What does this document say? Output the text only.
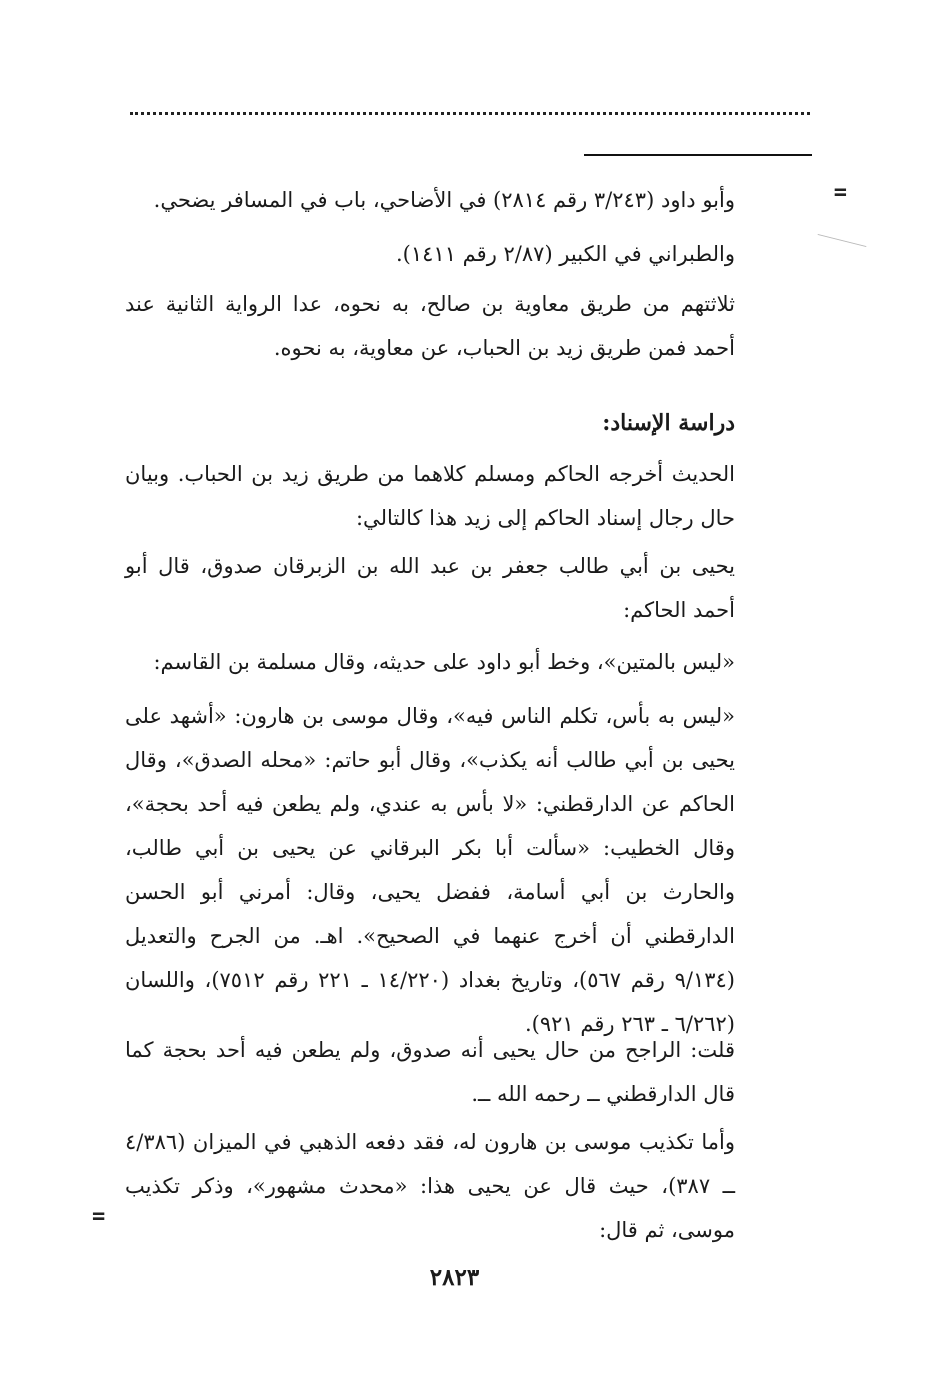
=

وأبو داود (٣/٢٤٣ رقم ٢٨١٤) في الأضاحي، باب في المسافر يضحي.

والطبراني في الكبير (٢/٨٧ رقم ١٤١١).

ثلاثتهم من طريق معاوية بن صالح، به نحوه، عدا الرواية الثانية عند أحمد فمن طريق زيد بن الحباب، عن معاوية، به نحوه.

دراسة الإسناد:

الحديث أخرجه الحاكم ومسلم كلاهما من طريق زيد بن الحباب. وبيان حال رجال إسناد الحاكم إلى زيد هذا كالتالي:

يحيى بن أبي طالب جعفر بن عبد الله بن الزبرقان صدوق، قال أبو أحمد الحاكم:

«ليس بالمتين»، وخط أبو داود على حديثه، وقال مسلمة بن القاسم:

«ليس به بأس، تكلم الناس فيه»، وقال موسى بن هارون: «أشهد على يحيى بن أبي طالب أنه يكذب»، وقال أبو حاتم: «محله الصدق»، وقال الحاكم عن الدارقطني: «لا بأس به عندي، ولم يطعن فيه أحد بحجة»، وقال الخطيب: «سألت أبا بكر البرقاني عن يحيى بن أبي طالب، والحارث بن أبي أسامة، ففضل يحيى، وقال: أمرني أبو الحسن الدارقطني أن أخرج عنهما في الصحيح». اهـ. من الجرح والتعديل (٩/١٣٤ رقم ٥٦٧)، وتاريخ بغداد (١٤/٢٢٠ ـ ٢٢١ رقم ٧٥١٢)، واللسان (٦/٢٦٢ ـ ٢٦٣ رقم ٩٢١).

قلت: الراجح من حال يحيى أنه صدوق، ولم يطعن فيه أحد بحجة كما قال الدارقطني ــ رحمه الله ــ.

وأما تكذيب موسى بن هارون له، فقد دفعه الذهبي في الميزان (٤/٣٨٦ ــ ٣٨٧)، حيث قال عن يحيى هذا: «محدث مشهور»، وذكر تكذيب موسى، ثم قال:

=
٢٨٢٣
